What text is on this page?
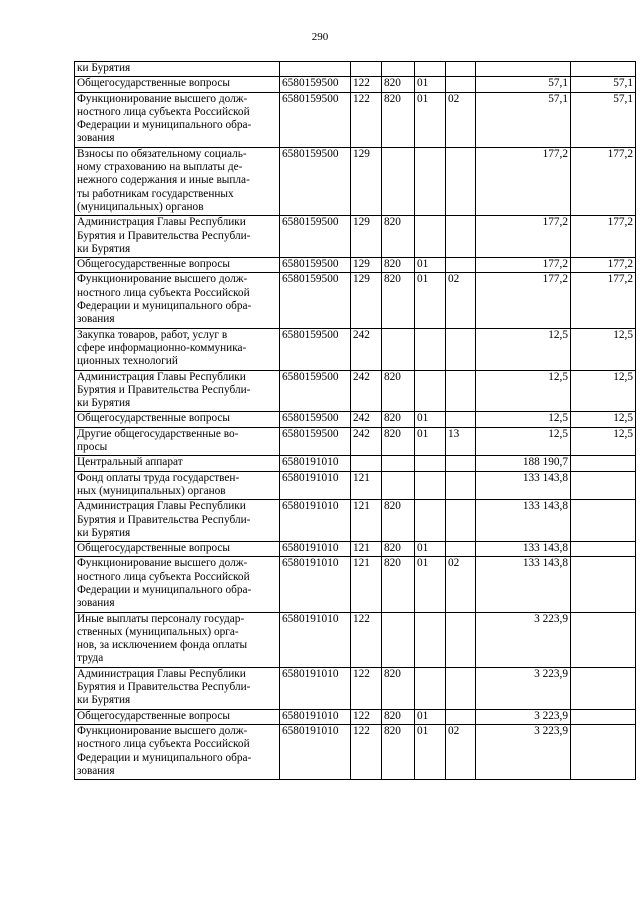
290
ки Бурятия							
Общегосударственные вопросы	6580159500	122	820	01		57,1	57,1
Функционирование высшего долж-
ностного лица субъекта Российской
Федерации и муниципального обра-
зования	6580159500	122	820	01	02	57,1	57,1
Взносы по обязательному социаль-
ному страхованию на выплаты де-
нежного содержания и иные выпла-
ты работникам государственных
(муниципальных) органов	6580159500	129				177,2	177,2
Администрация Главы Республики
Бурятия и Правительства Республи-
ки Бурятия	6580159500	129	820			177,2	177,2
Общегосударственные вопросы	6580159500	129	820	01		177,2	177,2
Функционирование высшего долж-
ностного лица субъекта Российской
Федерации и муниципального обра-
зования	6580159500	129	820	01	02	177,2	177,2
Закупка товаров, работ, услуг в
сфере информационно-коммуника-
ционных технологий	6580159500	242				12,5	12,5
Администрация Главы Республики
Бурятия и Правительства Республи-
ки Бурятия	6580159500	242	820			12,5	12,5
Общегосударственные вопросы	6580159500	242	820	01		12,5	12,5
Другие общегосударственные во-
просы	6580159500	242	820	01	13	12,5	12,5
Центральный аппарат	6580191010					188 190,7	
Фонд оплаты труда государствен-
ных (муниципальных) органов	6580191010	121				133 143,8	
Администрация Главы Республики
Бурятия и Правительства Республи-
ки Бурятия	6580191010	121	820			133 143,8	
Общегосударственные вопросы	6580191010	121	820	01		133 143,8	
Функционирование высшего долж-
ностного лица субъекта Российской
Федерации и муниципального обра-
зования	6580191010	121	820	01	02	133 143,8	
Иные выплаты персоналу государ-
ственных (муниципальных) орга-
нов, за исключением фонда оплаты
труда	6580191010	122				3 223,9	
Администрация Главы Республики
Бурятия и Правительства Республи-
ки Бурятия	6580191010	122	820			3 223,9	
Общегосударственные вопросы	6580191010	122	820	01		3 223,9	
Функционирование высшего долж-
ностного лица субъекта Российской
Федерации и муниципального обра-
зования	6580191010	122	820	01	02	3 223,9	
